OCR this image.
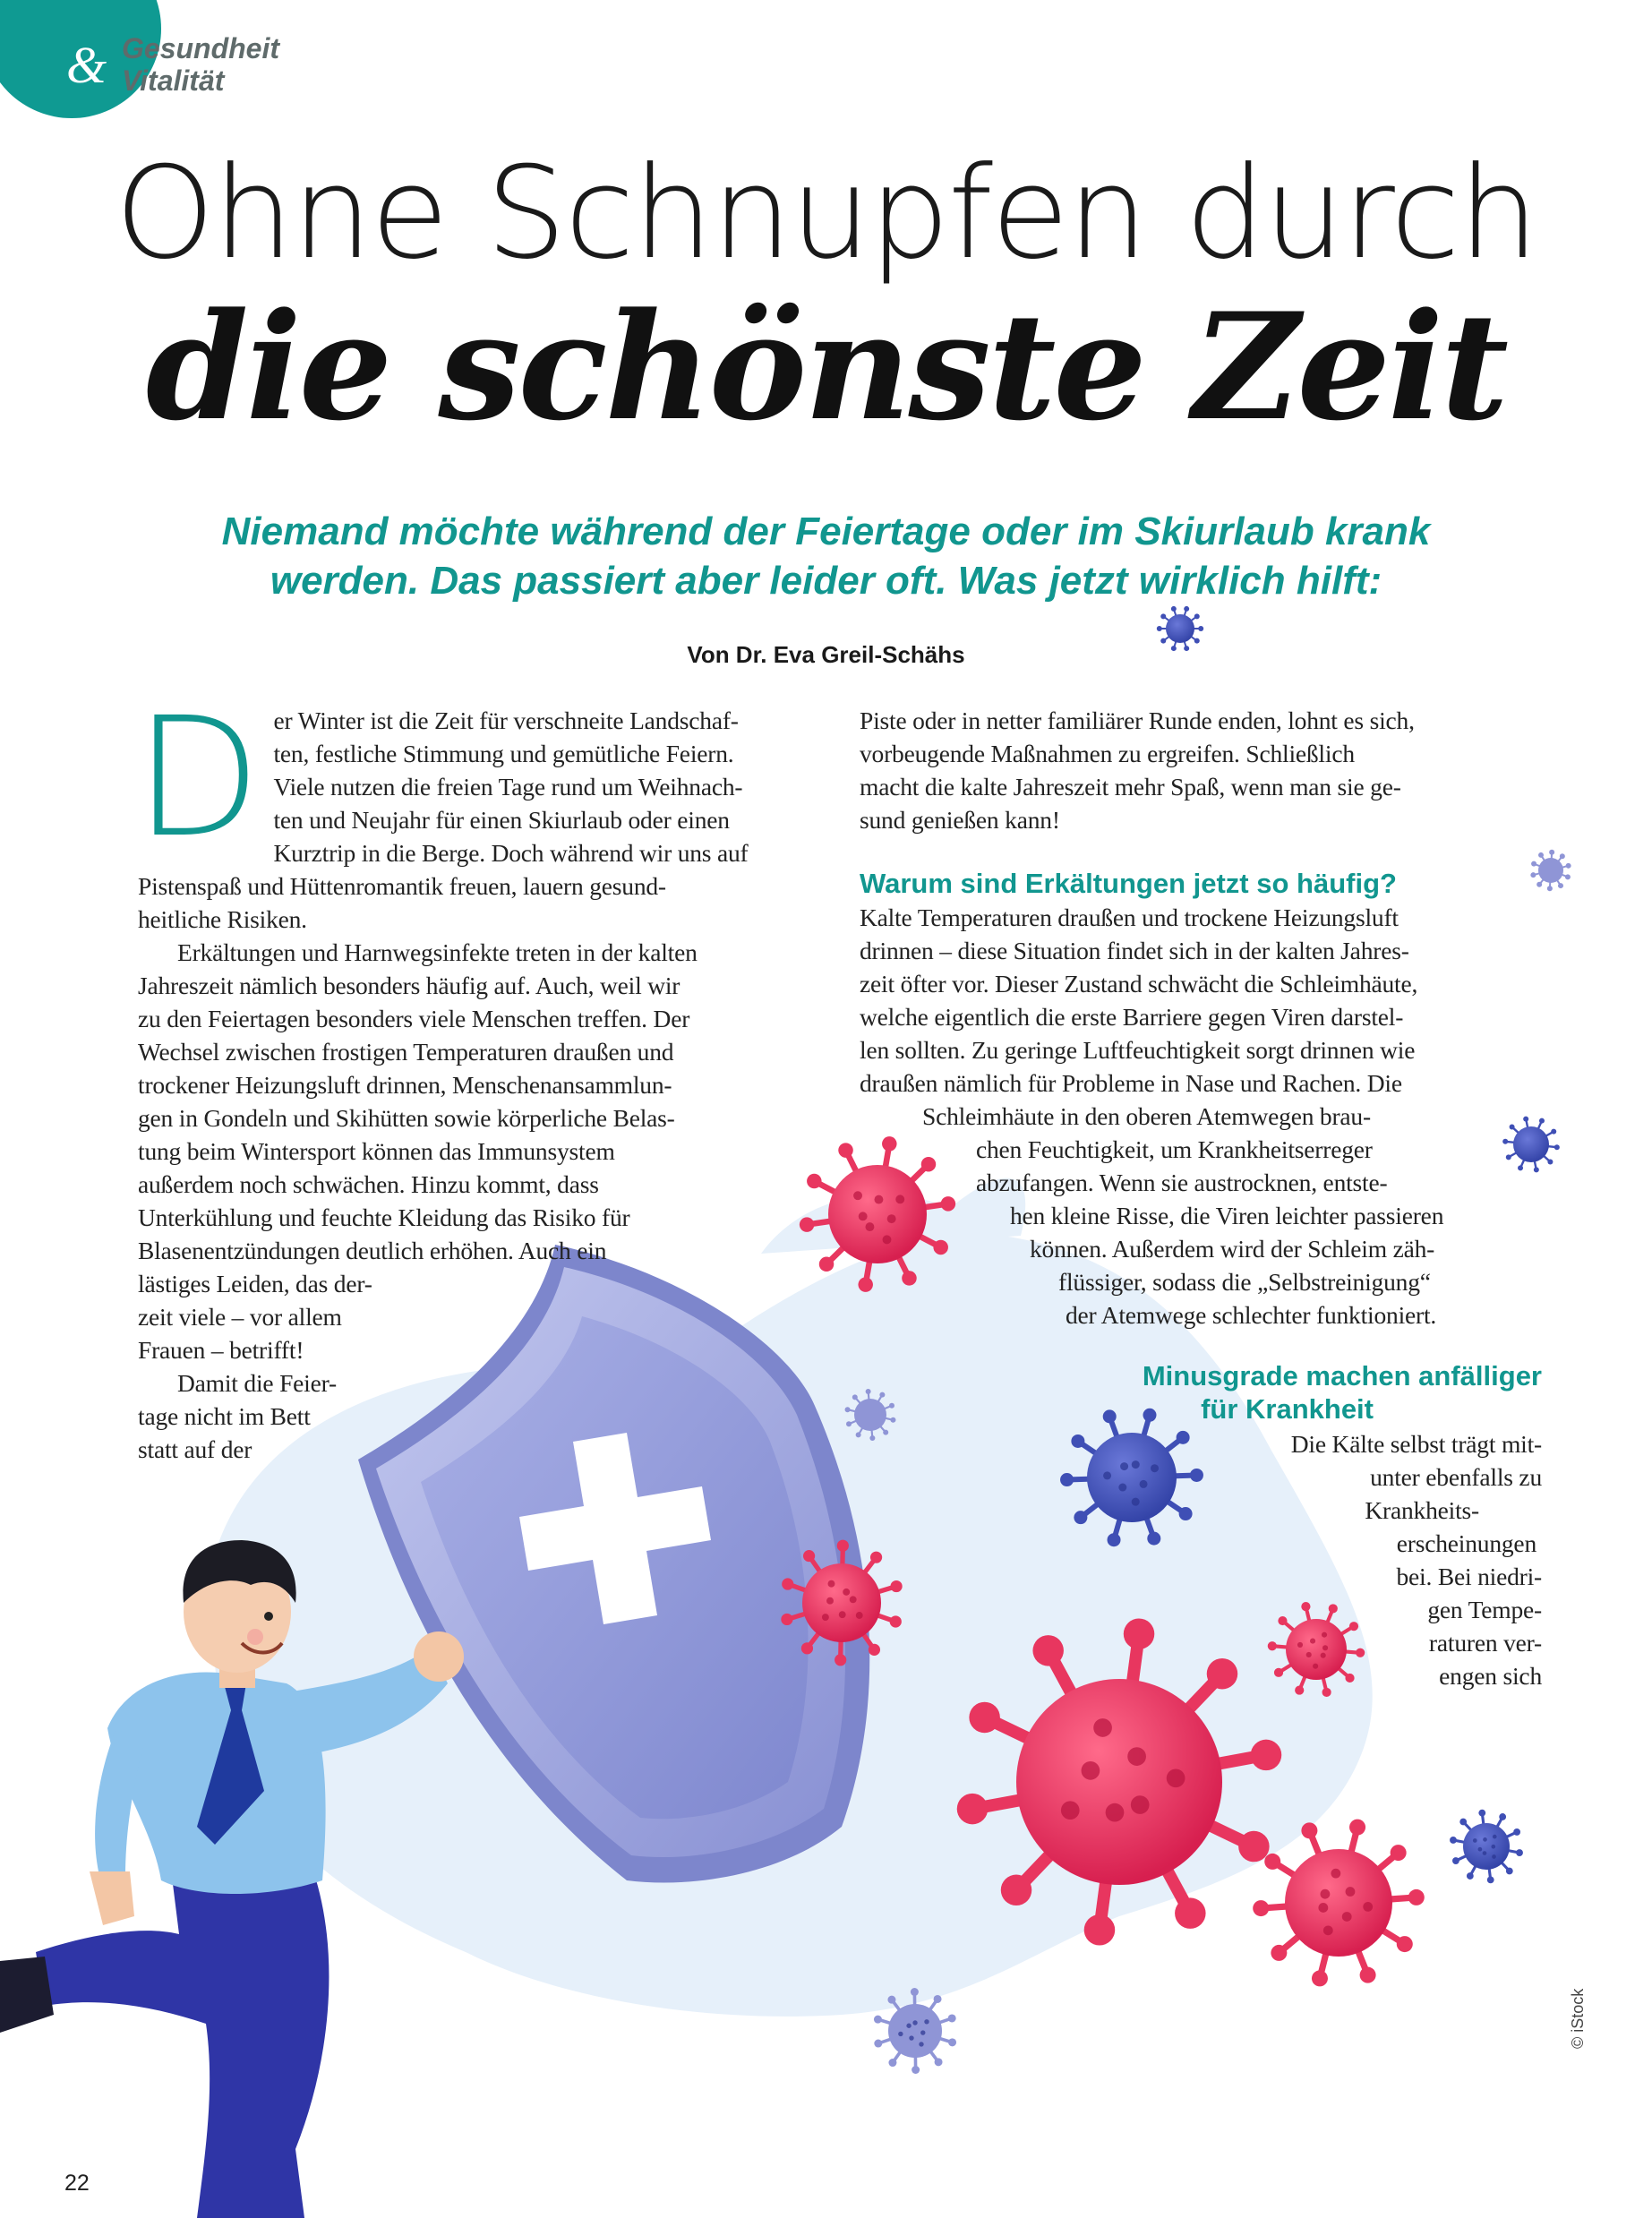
& Gesundheit
Vitalität
Ohne Schnupfen durch
die schönste Zeit
Niemand möchte während der Feiertage oder im Skiurlaub krank
werden. Das passiert aber leider oft. Was jetzt wirklich hilft:
Von Dr. Eva Greil-Schähs
D er Winter ist die Zeit für verschneite Landschaf-
ten, festliche Stimmung und gemütliche Feiern.
Viele nutzen die freien Tage rund um Weihnach-
ten und Neujahr für einen Skiurlaub oder einen
Kurztrip in die Berge. Doch während wir uns auf
Pistenspaß und Hüttenromantik freuen, lauern gesund-
heitliche Risiken.
Erkältungen und Harnwegsinfekte treten in der kalten
Jahreszeit nämlich besonders häufig auf. Auch, weil wir
zu den Feiertagen besonders viele Menschen treffen. Der
Wechsel zwischen frostigen Temperaturen draußen und
trockener Heizungsluft drinnen, Menschenansammlun-
gen in Gondeln und Skihütten sowie körperliche Belas-
tung beim Wintersport können das Immunsystem
außerdem noch schwächen. Hinzu kommt, dass
Unterkühlung und feuchte Kleidung das Risiko für
Blasenentzündungen deutlich erhöhen. Auch ein
lästiges Leiden, das der-
zeit viele – vor allem
Frauen – betrifft!
Damit die Feier-
tage nicht im Bett
statt auf der
Piste oder in netter familiärer Runde enden, lohnt es sich,
vorbeugende Maßnahmen zu ergreifen. Schließlich
macht die kalte Jahreszeit mehr Spaß, wenn man sie ge-
sund genießen kann!
Warum sind Erkältungen jetzt so häufig?
Kalte Temperaturen draußen und trockene Heizungsluft
drinnen – diese Situation findet sich in der kalten Jahres-
zeit öfter vor. Dieser Zustand schwächt die Schleimhäute,
welche eigentlich die erste Barriere gegen Viren darstel-
len sollten. Zu geringe Luftfeuchtigkeit sorgt drinnen wie
draußen nämlich für Probleme in Nase und Rachen. Die
Schleimhäute in den oberen Atemwegen brau-
chen Feuchtigkeit, um Krankheitserreger
abzufangen. Wenn sie austrocknen, entste-
hen kleine Risse, die Viren leichter passieren
können. Außerdem wird der Schleim zäh-
flüssiger, sodass die „Selbstreinigung“
der Atemwege schlechter funktioniert.
Minusgrade machen anfälliger
für Krankheit
Die Kälte selbst trägt mit-
unter ebenfalls zu
Krankheits-
erscheinungen
bei. Bei niedri-
gen Tempe-
raturen ver-
engen sich
22
© iStock
